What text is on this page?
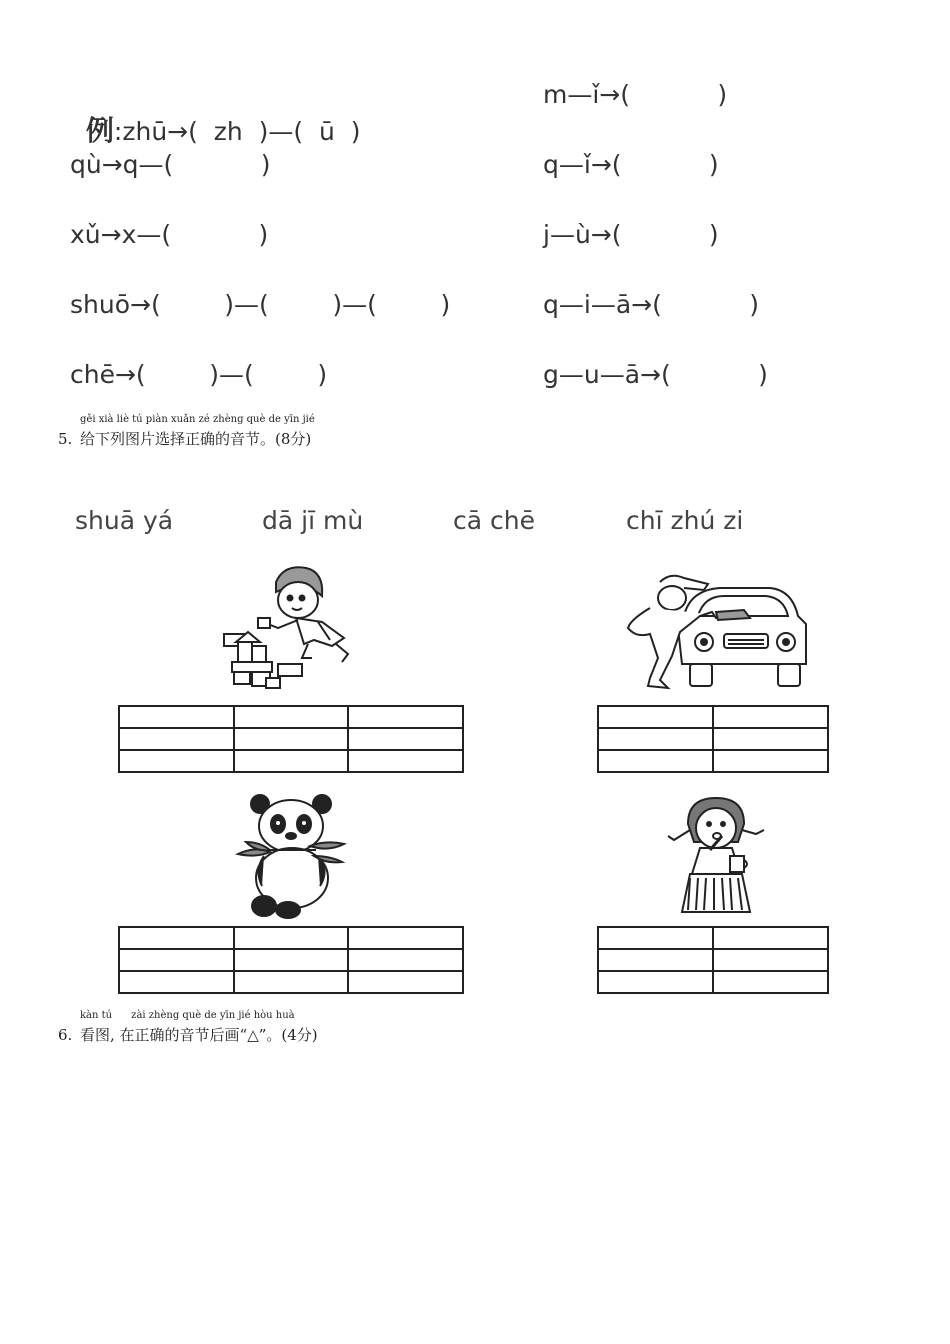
例:zhū→(  zh  )—(  ū  )

qù→q—(           )
xǔ→x—(           )
shuō→(        )—(        )—(        )
chē→(        )—(        )
m—ǐ→(           )
q—ǐ→(           )
j—ù→(           )
q—i—ā→(           )
g—u—ā→(           )
5. 给下列图片选择正确的音节。(8分)
gěi xià liè tú piàn xuǎn zé zhèng què de yīn jié
shuā yá	dā jī mù	cā chē	chī zhú zi

6. 看图, 在正确的音节后画“△”。(4分)
kàn tú      zài zhèng què de yīn jié hòu huà
